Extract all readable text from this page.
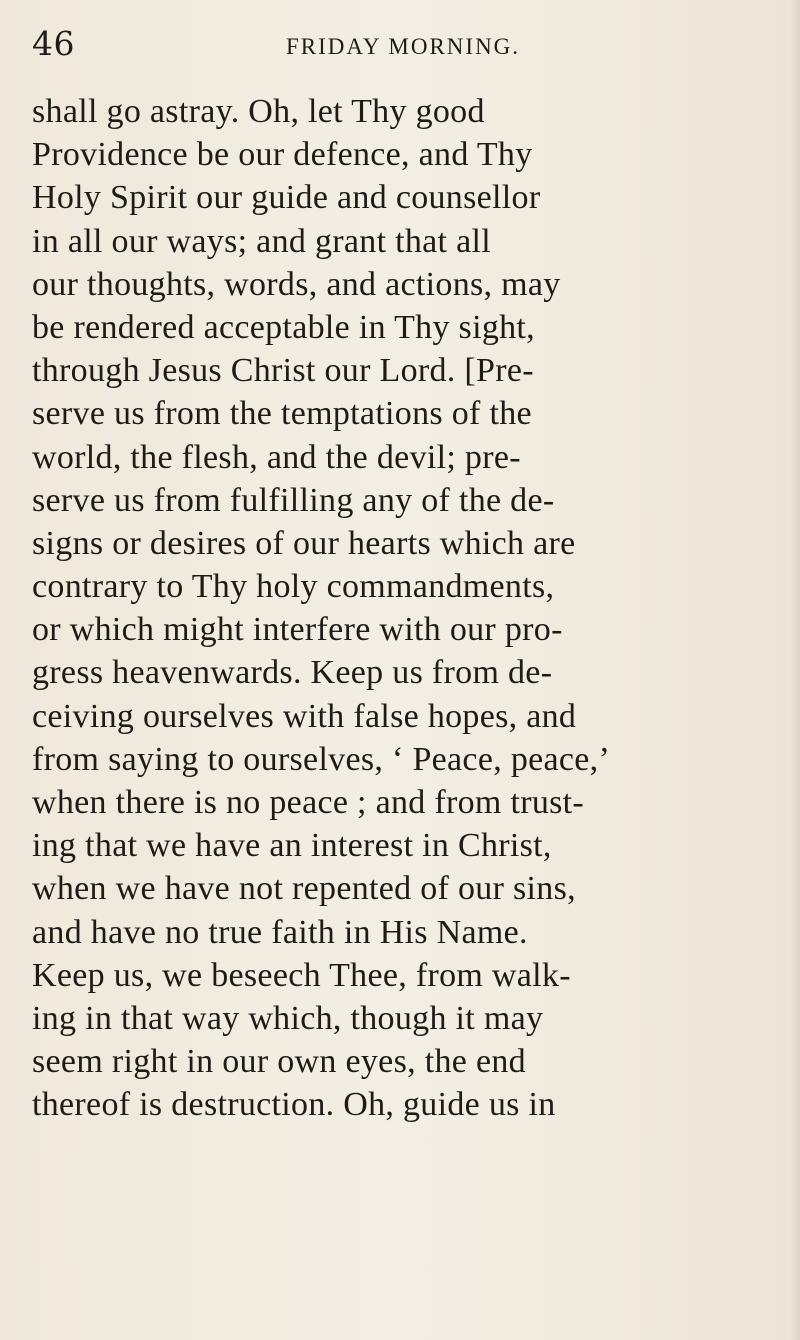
46	FRIDAY MORNING.
shall go astray. Oh, let Thy good
Providence be our defence, and Thy
Holy Spirit our guide and counsellor
in all our ways; and grant that all
our thoughts, words, and actions, may
be rendered acceptable in Thy sight,
through Jesus Christ our Lord. [Pre-
serve us from the temptations of the
world, the flesh, and the devil; pre-
serve us from fulfilling any of the de-
signs or desires of our hearts which are
contrary to Thy holy commandments,
or which might interfere with our pro-
gress heavenwards. Keep us from de-
ceiving ourselves with false hopes, and
from saying to ourselves, ‘ Peace, peace,’
when there is no peace ; and from trust-
ing that we have an interest in Christ,
when we have not repented of our sins,
and have no true faith in His Name.
Keep us, we beseech Thee, from walk-
ing in that way which, though it may
seem right in our own eyes, the end
thereof is destruction. Oh, guide us in
